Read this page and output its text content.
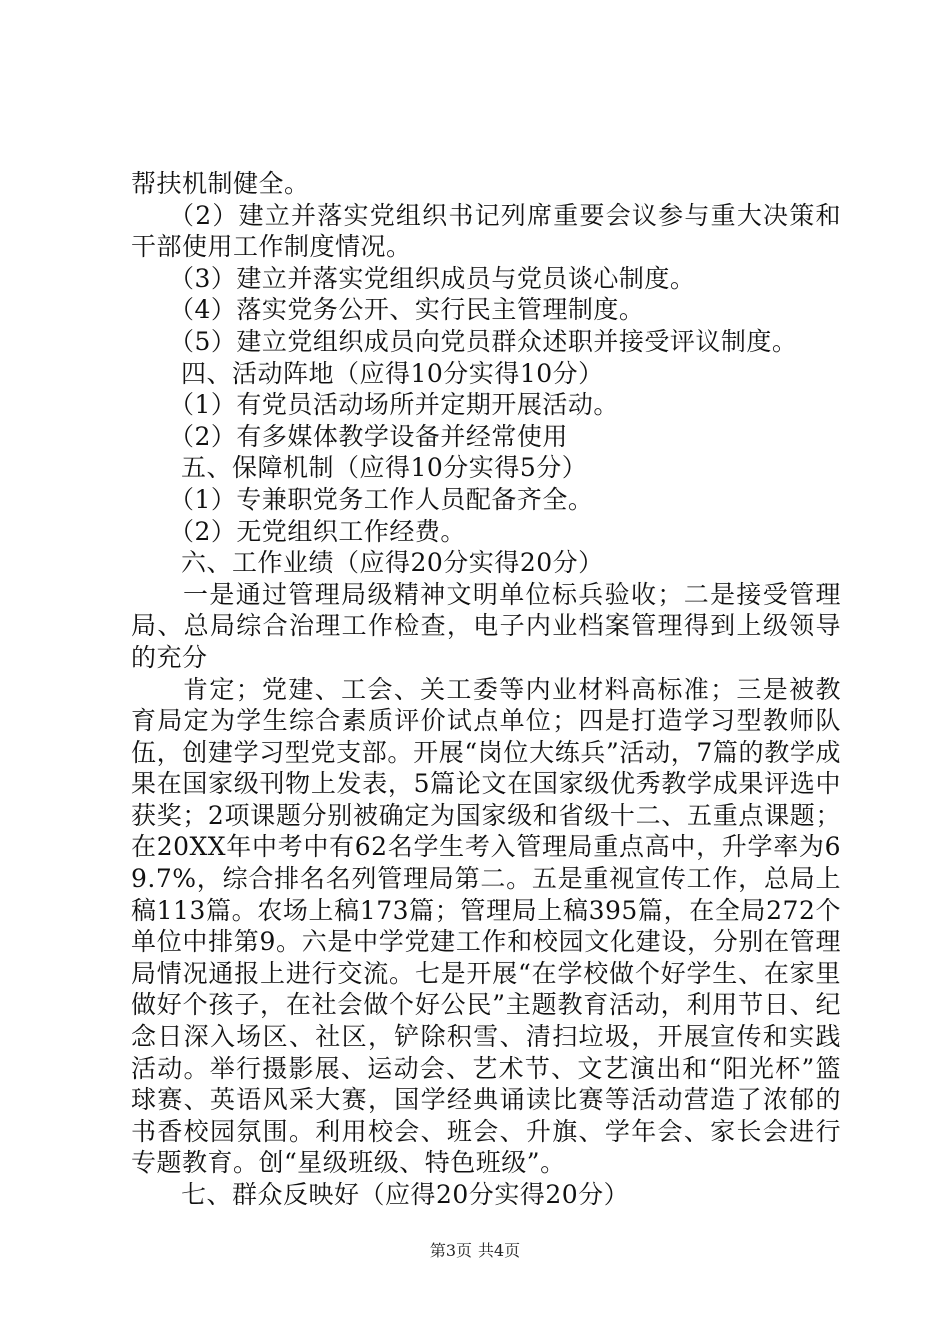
帮扶机制健全。

（2）建立并落实党组织书记列席重要会议参与重大决策和干部使用工作制度情况。

（3）建立并落实党组织成员与党员谈心制度。

（4）落实党务公开、实行民主管理制度。

（5）建立党组织成员向党员群众述职并接受评议制度。

四、活动阵地（应得10分实得10分）

（1）有党员活动场所并定期开展活动。

（2）有多媒体教学设备并经常使用

五、保障机制（应得10分实得5分）

（1）专兼职党务工作人员配备齐全。

（2）无党组织工作经费。

六、工作业绩（应得20分实得20分）

一是通过管理局级精神文明单位标兵验收；二是接受管理局、总局综合治理工作检查，电子内业档案管理得到上级领导的充分

肯定；党建、工会、关工委等内业材料高标准；三是被教育局定为学生综合素质评价试点单位；四是打造学习型教师队伍，创建学习型党支部。开展“岗位大练兵”活动，7篇的教学成果在国家级刊物上发表，5篇论文在国家级优秀教学成果评选中获奖；2项课题分别被确定为国家级和省级十二、五重点课题；在20XX年中考中有62名学生考入管理局重点高中，升学率为69.7%，综合排名名列管理局第二。五是重视宣传工作，总局上稿113篇。农场上稿173篇；管理局上稿395篇，在全局272个单位中排第9。六是中学党建工作和校园文化建设，分别在管理局情况通报上进行交流。七是开展“在学校做个好学生、在家里做好个孩子，在社会做个好公民”主题教育活动，利用节日、纪念日深入场区、社区，铲除积雪、清扫垃圾，开展宣传和实践活动。举行摄影展、运动会、艺术节、文艺演出和“阳光杯”篮球赛、英语风采大赛，国学经典诵读比赛等活动营造了浓郁的书香校园氛围。利用校会、班会、升旗、学年会、家长会进行专题教育。创“星级班级、特色班级”。

七、群众反映好（应得20分实得20分）

第3页 共4页
